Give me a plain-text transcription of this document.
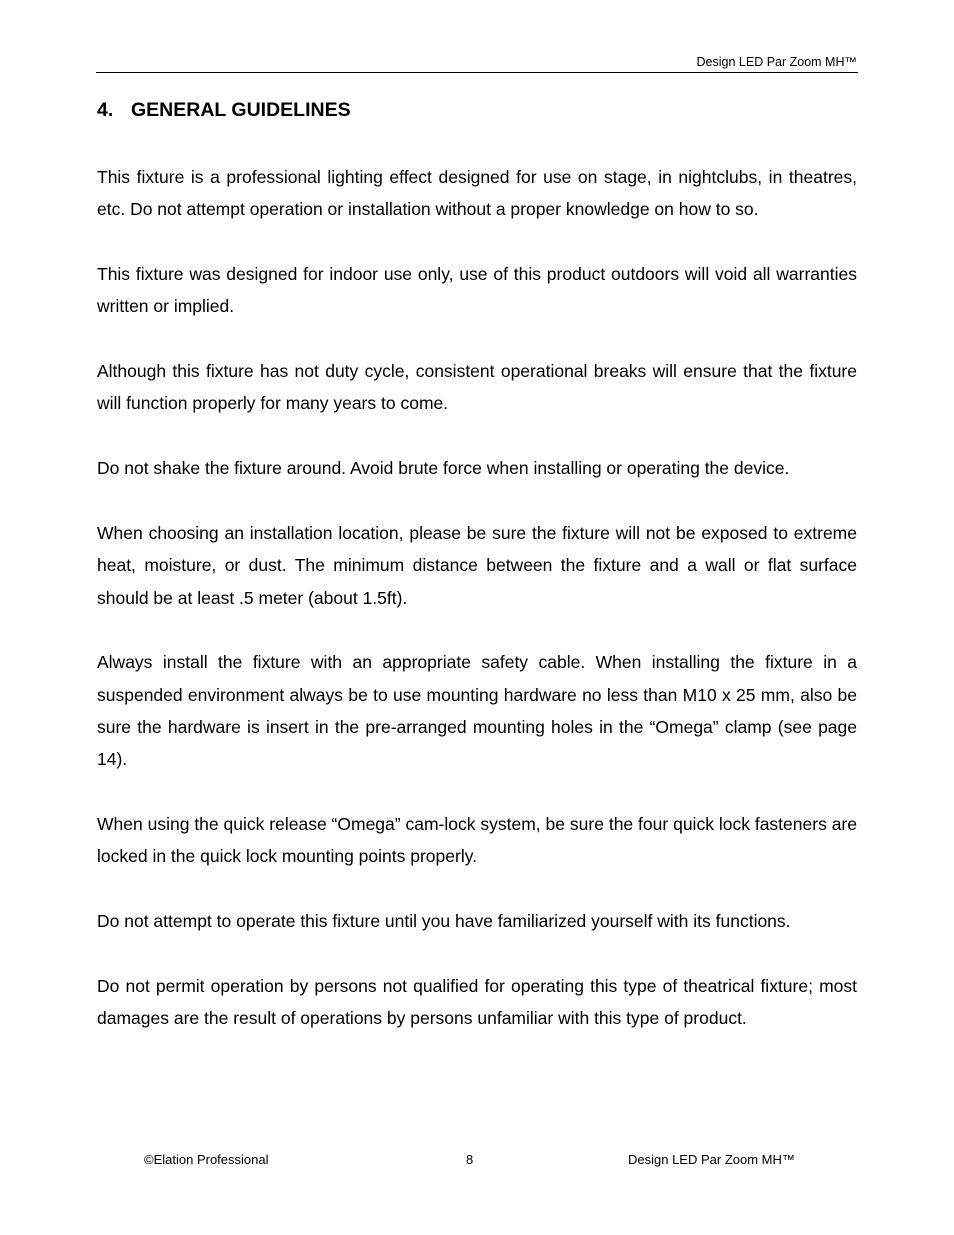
Design LED Par Zoom MH™
4. GENERAL GUIDELINES

This fixture is a professional lighting effect designed for use on stage, in nightclubs, in theatres, etc. Do not attempt operation or installation without a proper knowledge on how to so.

This fixture was designed for indoor use only, use of this product outdoors will void all warranties written or implied.

Although this fixture has not duty cycle, consistent operational breaks will ensure that the fixture will function properly for many years to come.

Do not shake the fixture around. Avoid brute force when installing or operating the device.

When choosing an installation location, please be sure the fixture will not be exposed to extreme heat, moisture, or dust. The minimum distance between the fixture and a wall or flat surface should be at least .5 meter (about 1.5ft).

Always install the fixture with an appropriate safety cable. When installing the fixture in a suspended environment always be to use mounting hardware no less than M10 x 25 mm, also be sure the hardware is insert in the pre-arranged mounting holes in the “Omega” clamp (see page 14).

When using the quick release “Omega” cam-lock system, be sure the four quick lock fasteners are locked in the quick lock mounting points properly.

Do not attempt to operate this fixture until you have familiarized yourself with its functions.

Do not permit operation by persons not qualified for operating this type of theatrical fixture; most damages are the result of operations by persons unfamiliar with this type of product.

©Elation Professional	8	Design LED Par Zoom MH™
